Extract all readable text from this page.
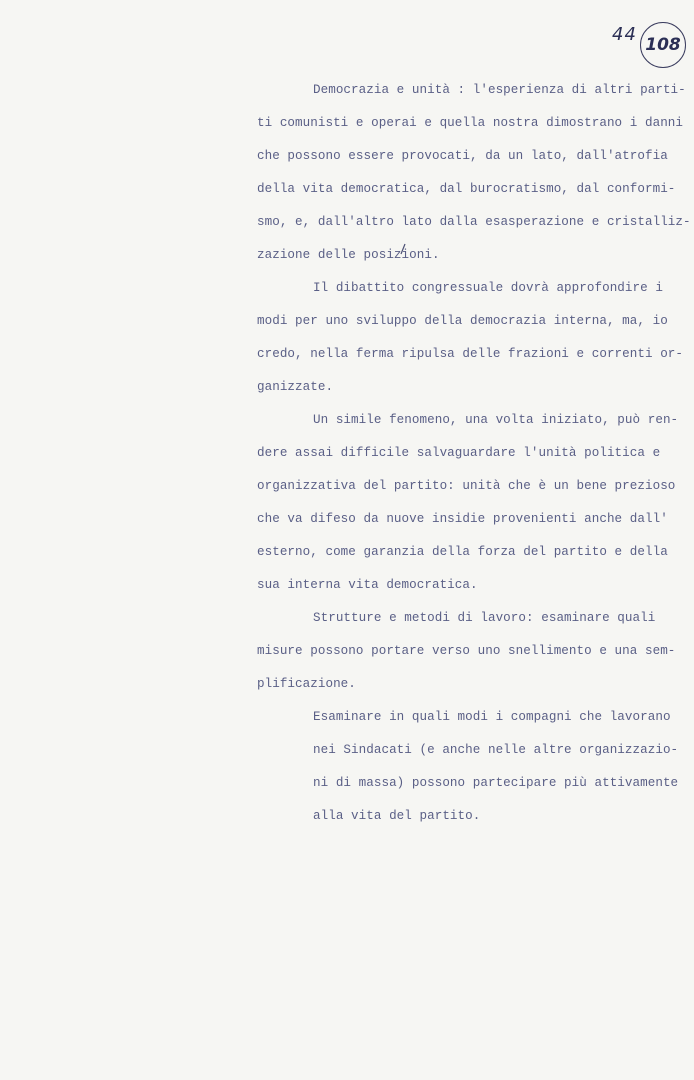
44 108
Democrazia e unità : l'esperienza di altri parti-
ti comunisti e operai e quella nostra dimostrano i danni
che possono essere provocati, da un lato, dall'atrofia
della vita democratica, dal burocratismo, dal conformi-
smo, e, dall'altro lato dalla esasperazione e cristalliz-
zazione delle posizioni.
Il dibattito congressuale dovrà approfondire i
modi per uno sviluppo della democrazia interna, ma, io
credo, nella ferma ripulsa delle frazioni e correnti or-
ganizzate.
Un simile fenomeno, una volta iniziato, può ren-
dere assai difficile salvaguardare l'unità politica e
organizzativa del partito: unità che è un bene prezioso
che va difeso da nuove insidie provenienti anche dall'
esterno, come garanzia della forza del partito e della
sua interna vita democratica.
Strutture e metodi di lavoro: esaminare quali
misure possono portare verso uno snellimento e una sem-
plificazione.
Esaminare in quali modi i compagni che lavorano
nei Sindacati (e anche nelle altre organizzazio-
ni di massa) possono partecipare più attivamente
alla vita del partito.
